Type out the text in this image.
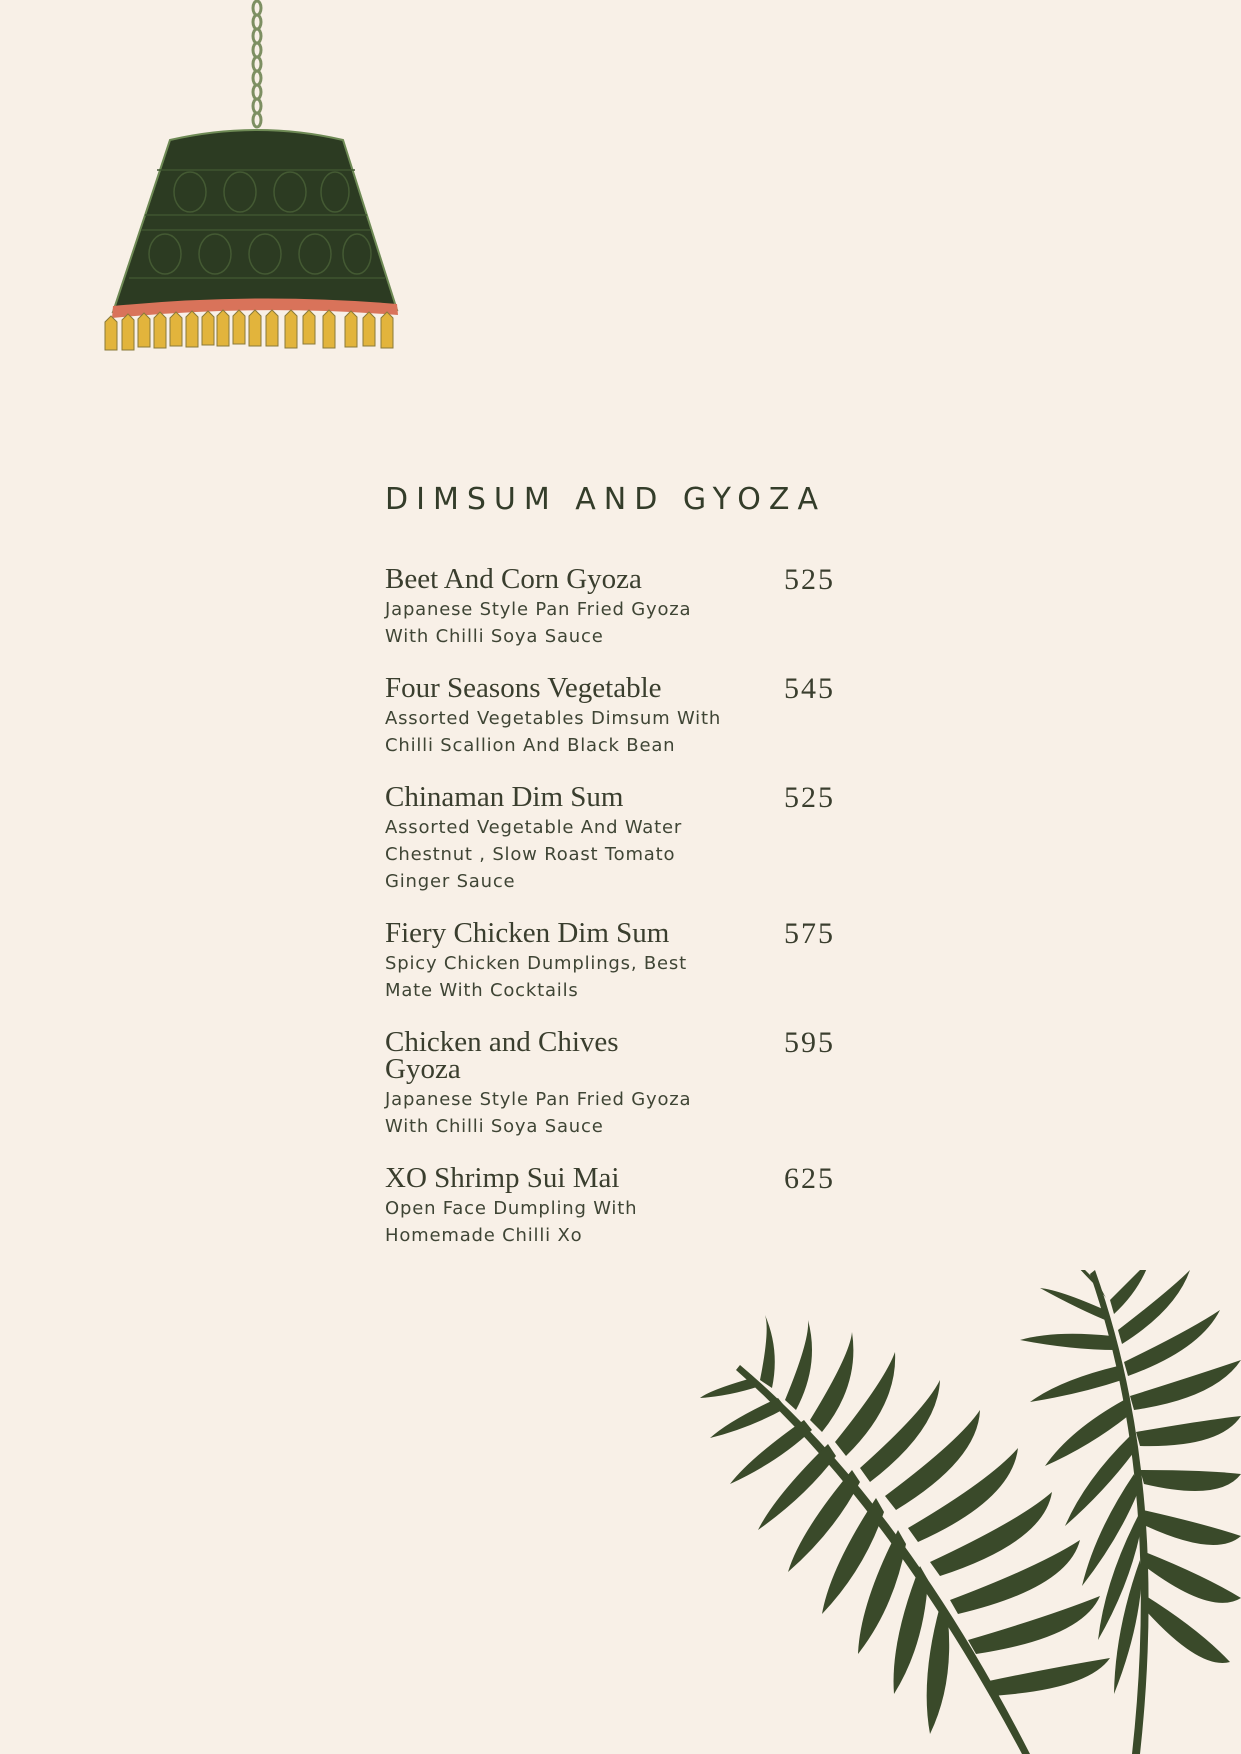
DIMSUM AND GYOZA
Beet And Corn Gyoza	525
Japanese Style Pan Fried Gyoza With Chilli Soya Sauce
Four Seasons Vegetable	545
Assorted Vegetables Dimsum With Chilli Scallion And Black Bean
Chinaman Dim Sum	525
Assorted Vegetable And Water Chestnut , Slow Roast Tomato Ginger Sauce
Fiery Chicken Dim Sum	575
Spicy Chicken Dumplings, Best Mate With Cocktails
Chicken and Chives Gyoza
595
Japanese Style Pan Fried Gyoza With Chilli Soya Sauce
XO Shrimp Sui Mai	625
Open Face Dumpling With Homemade Chilli Xo
